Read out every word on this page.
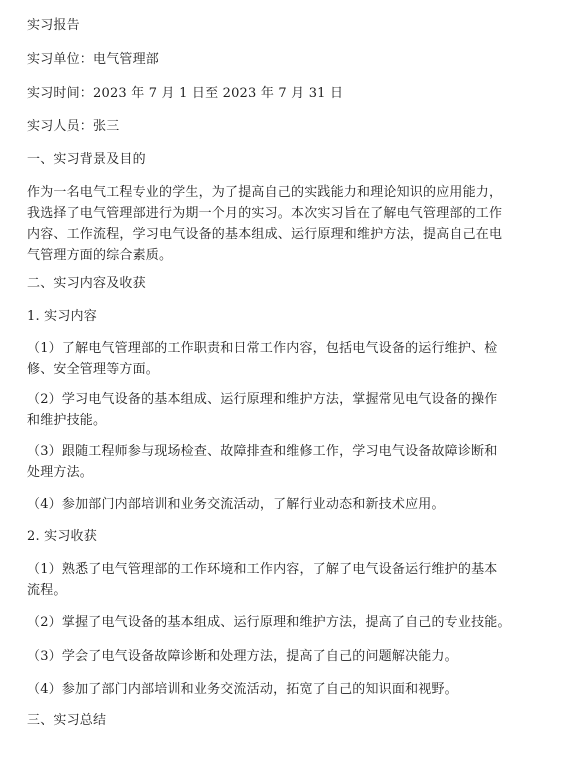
实习报告
实习单位：电气管理部
实习时间：2023 年 7 月 1 日至 2023 年 7 月 31 日
实习人员：张三
一、实习背景及目的
作为一名电气工程专业的学生，为了提高自己的实践能力和理论知识的应用能力，
我选择了电气管理部进行为期一个月的实习。本次实习旨在了解电气管理部的工作
内容、工作流程，学习电气设备的基本组成、运行原理和维护方法，提高自己在电
气管理方面的综合素质。
二、实习内容及收获
1. 实习内容
（1）了解电气管理部的工作职责和日常工作内容，包括电气设备的运行维护、检
修、安全管理等方面。
（2）学习电气设备的基本组成、运行原理和维护方法，掌握常见电气设备的操作
和维护技能。
（3）跟随工程师参与现场检查、故障排查和维修工作，学习电气设备故障诊断和
处理方法。
（4）参加部门内部培训和业务交流活动，了解行业动态和新技术应用。
2. 实习收获
（1）熟悉了电气管理部的工作环境和工作内容，了解了电气设备运行维护的基本
流程。
（2）掌握了电气设备的基本组成、运行原理和维护方法，提高了自己的专业技能。
（3）学会了电气设备故障诊断和处理方法，提高了自己的问题解决能力。
（4）参加了部门内部培训和业务交流活动，拓宽了自己的知识面和视野。
三、实习总结
